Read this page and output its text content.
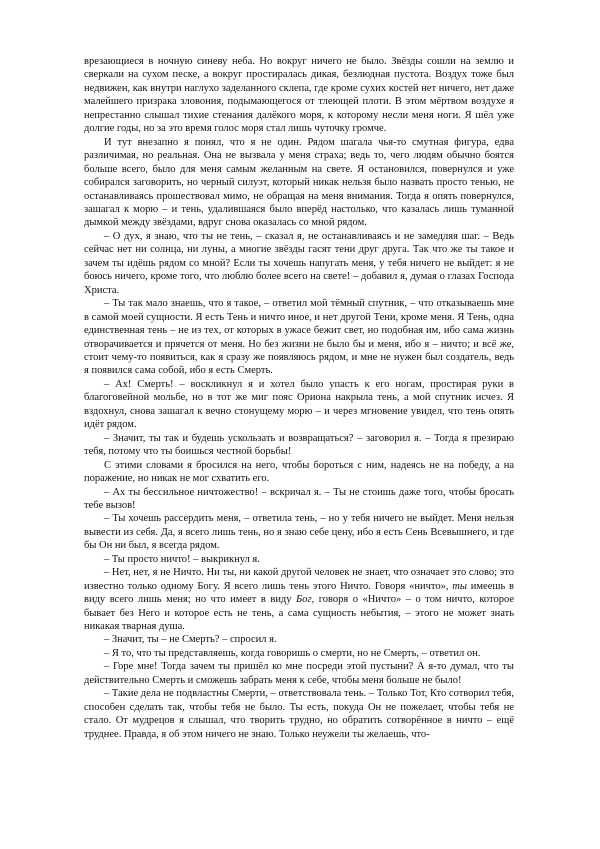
врезающиеся в ночную синеву неба. Но вокруг ничего не было. Звёзды сошли на землю и сверкали на сухом песке, а вокруг простиралась дикая, безлюдная пустота. Воздух тоже был недвижен, как внутри наглухо заделанного склепа, где кроме сухих костей нет ничего, нет даже малейшего призрака зловония, подымающегося от тлеющей плоти. В этом мёртвом воздухе я непрестанно слышал тихие стенания далёкого моря, к которому несли меня ноги. Я шёл уже долгие годы, но за это время голос моря стал лишь чуточку громче.

И тут внезапно я понял, что я не один. Рядом шагала чья-то смутная фигура, едва различимая, но реальная. Она не вызвала у меня страха; ведь то, чего людям обычно боятся больше всего, было для меня самым желанным на свете. Я остановился, повернулся и уже собирался заговорить, но черный силуэт, который никак нельзя было назвать просто тенью, не останавливаясь прошествовал мимо, не обращая на меня внимания. Тогда я опять повернулся, зашагал к морю – и тень, удалившаяся было вперёд настолько, что казалась лишь туманной дымкой между звёздами, вдруг снова оказалась со мной рядом.

– О дух, я знаю, что ты не тень, – сказал я, не останавливаясь и не замедляя шаг. – Ведь сейчас нет ни солнца, ни луны, а многие звёзды гасят тени друг друга. Так что же ты такое и зачем ты идёшь рядом со мной? Если ты хочешь напугать меня, у тебя ничего не выйдет: я не боюсь ничего, кроме того, что люблю более всего на свете! – добавил я, думая о глазах Господа Христа.

– Ты так мало знаешь, что я такое, – ответил мой тёмный спутник, – что отказываешь мне в самой моей сущности. Я есть Тень и ничто иное, и нет другой Тени, кроме меня. Я Тень, одна единственная тень – не из тех, от которых в ужасе бежит свет, но подобная им, ибо сама жизнь отворачивается и прячется от меня. Но без жизни не было бы и меня, ибо я – ничто; и всё же, стоит чему-то появиться, как я сразу же появляюсь рядом, и мне не нужен был создатель, ведь я появился сама собой, ибо я есть Смерть.

– Ах! Смерть! – воскликнул я и хотел было упасть к его ногам, простирая руки в благоговейной мольбе, но в тот же миг пояс Ориона накрыла тень, а мой спутник исчез. Я вздохнул, снова зашагал к вечно стонущему морю – и через мгновение увидел, что тень опять идёт рядом.

– Значит, ты так и будешь ускользать и возвращаться? – заговорил я. – Тогда я презираю тебя, потому что ты боишься честной борьбы!

С этими словами я бросился на него, чтобы бороться с ним, надеясь не на победу, а на поражение, но никак не мог схватить его.

– Ах ты бессильное ничтожество! – вскричал я. – Ты не стоишь даже того, чтобы бросать тебе вызов!

– Ты хочешь рассердить меня, – ответила тень, – но у тебя ничего не выйдет. Меня нельзя вывести из себя. Да, я всего лишь тень, но я знаю себе цену, ибо я есть Сень Всевышнего, и где бы Он ни был, я всегда рядом.

– Ты просто ничто! – выкрикнул я.

– Нет, нет, я не Ничто. Ни ты, ни какой другой человек не знает, что означает это слово; это известно только одному Богу. Я всего лишь тень этого Ничто. Говоря «ничто», ты имеешь в виду всего лишь меня; но что имеет в виду Бог, говоря о «Ничто» – о том ничто, которое бывает без Него и которое есть не тень, а сама сущность небытия, – этого не может знать никакая тварная душа.

– Значит, ты – не Смерть? – спросил я.

– Я то, что ты представляешь, когда говоришь о смерти, но не Смерть, – ответил он.

– Горе мне! Тогда зачем ты пришёл ко мне посреди этой пустыни? А я-то думал, что ты действительно Смерть и сможешь забрать меня к себе, чтобы меня больше не было!

– Такие дела не подвластны Смерти, – ответствовала тень. – Только Тот, Кто сотворил тебя, способен сделать так, чтобы тебя не было. Ты есть, покуда Он не пожелает, чтобы тебя не стало. От мудрецов я слышал, что творить трудно, но обратить сотворённое в ничто – ещё труднее. Правда, я об этом ничего не знаю. Только неужели ты желаешь, что-
